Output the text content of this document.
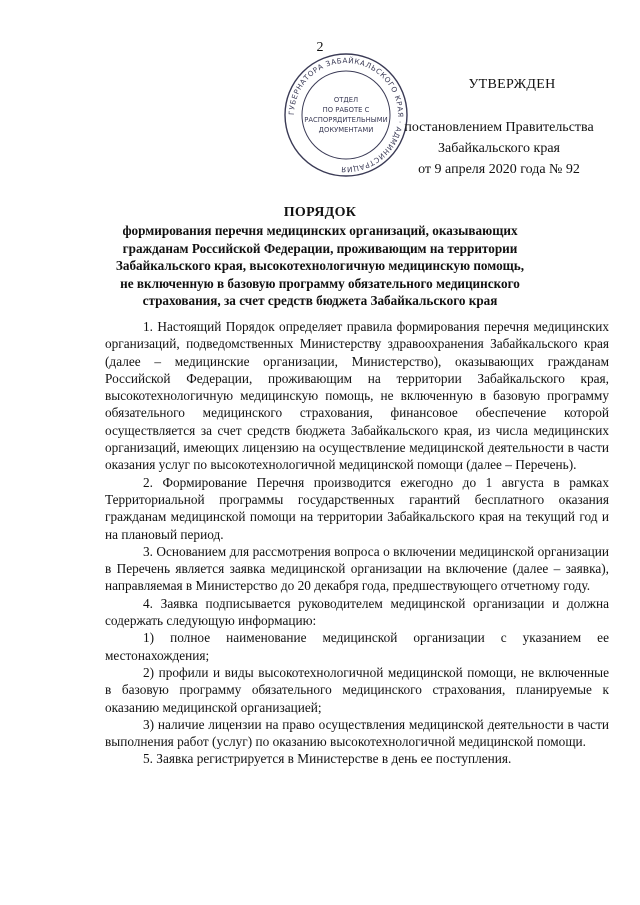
2
ГУБЕРНАТОРА ЗАБАЙКАЛЬСКОГО КРАЯ · АДМИНИСТРАЦИЯ
ОТДЕЛ
ПО РАБОТЕ С
РАСПОРЯДИТЕЛЬНЫМИ
ДОКУМЕНТАМИ
УТВЕРЖДЕН
постановлением Правительства
Забайкальского края
от 9 апреля 2020 года № 92
ПОРЯДОК
формирования перечня медицинских организаций, оказывающих гражданам Российской Федерации, проживающим на территории Забайкальского края, высокотехнологичную медицинскую помощь, не включенную в базовую программу обязательного медицинского страхования, за счет средств бюджета Забайкальского края

1. Настоящий Порядок определяет правила формирования перечня медицинских организаций, подведомственных Министерству здравоохранения Забайкальского края (далее – медицинские организации, Министерство), оказывающих гражданам Российской Федерации, проживающим на территории Забайкальского края, высокотехнологичную медицинскую помощь, не включенную в базовую программу обязательного медицинского страхования, финансовое обеспечение которой осуществляется за счет средств бюджета Забайкальского края, из числа медицинских организаций, имеющих лицензию на осуществление медицинской деятельности в части оказания услуг по высокотехнологичной медицинской помощи (далее – Перечень).

2. Формирование Перечня производится ежегодно до 1 августа в рамках Территориальной программы государственных гарантий бесплатного оказания гражданам медицинской помощи на территории Забайкальского края на текущий год и на плановый период.

3. Основанием для рассмотрения вопроса о включении медицинской организации в Перечень является заявка медицинской организации на включение (далее – заявка), направляемая в Министерство до 20 декабря года, предшествующего отчетному году.

4. Заявка подписывается руководителем медицинской организации и должна содержать следующую информацию:

1) полное наименование медицинской организации с указанием ее местонахождения;

2) профили и виды высокотехнологичной медицинской помощи, не включенные в базовую программу обязательного медицинского страхования, планируемые к оказанию медицинской организацией;

3) наличие лицензии на право осуществления медицинской деятельности в части выполнения работ (услуг) по оказанию высокотехнологичной медицинской помощи.

5. Заявка регистрируется в Министерстве в день ее поступления.
